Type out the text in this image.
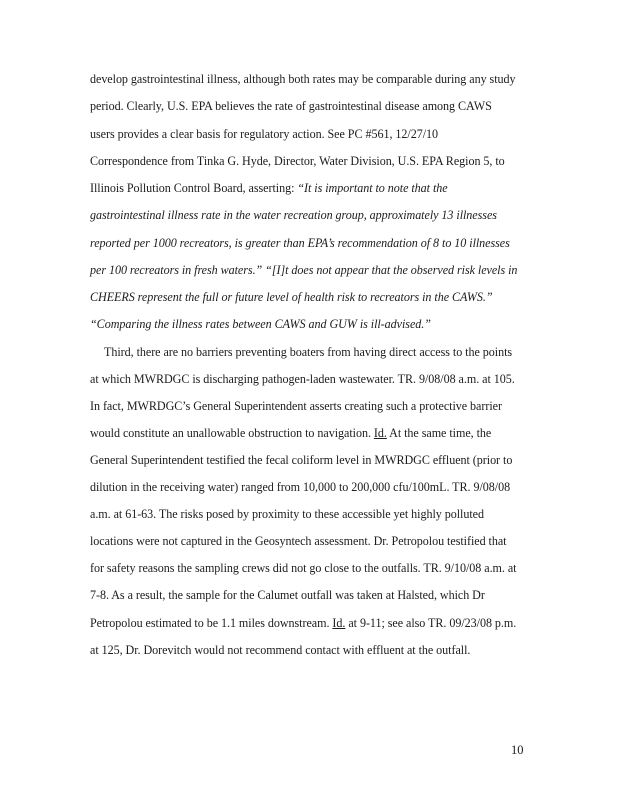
develop gastrointestinal illness, although both rates may be comparable during any study
period. Clearly, U.S. EPA believes the rate of gastrointestinal disease among CAWS
users provides a clear basis for regulatory action. See PC #561, 12/27/10
Correspondence from Tinka G. Hyde, Director, Water Division, U.S. EPA Region 5, to
Illinois Pollution Control Board, asserting: “It is important to note that the
gastrointestinal illness rate in the water recreation group, approximately 13 illnesses
reported per 1000 recreators, is greater than EPA’s recommendation of 8 to 10 illnesses
per 100 recreators in fresh waters.” “[I]t does not appear that the observed risk levels in
CHEERS represent the full or future level of health risk to recreators in the CAWS.”
“Comparing the illness rates between CAWS and GUW is ill-advised.”
Third, there are no barriers preventing boaters from having direct access to the points
at which MWRDGC is discharging pathogen-laden wastewater. TR. 9/08/08 a.m. at 105.
In fact, MWRDGC’s General Superintendent asserts creating such a protective barrier
would constitute an unallowable obstruction to navigation. Id. At the same time, the
General Superintendent testified the fecal coliform level in MWRDGC effluent (prior to
dilution in the receiving water) ranged from 10,000 to 200,000 cfu/100mL. TR. 9/08/08
a.m. at 61-63. The risks posed by proximity to these accessible yet highly polluted
locations were not captured in the Geosyntech assessment. Dr. Petropolou testified that
for safety reasons the sampling crews did not go close to the outfalls. TR. 9/10/08 a.m. at
7-8. As a result, the sample for the Calumet outfall was taken at Halsted, which Dr
Petropolou estimated to be 1.1 miles downstream. Id. at 9-11; see also TR. 09/23/08 p.m.
at 125, Dr. Dorevitch would not recommend contact with effluent at the outfall.
10
